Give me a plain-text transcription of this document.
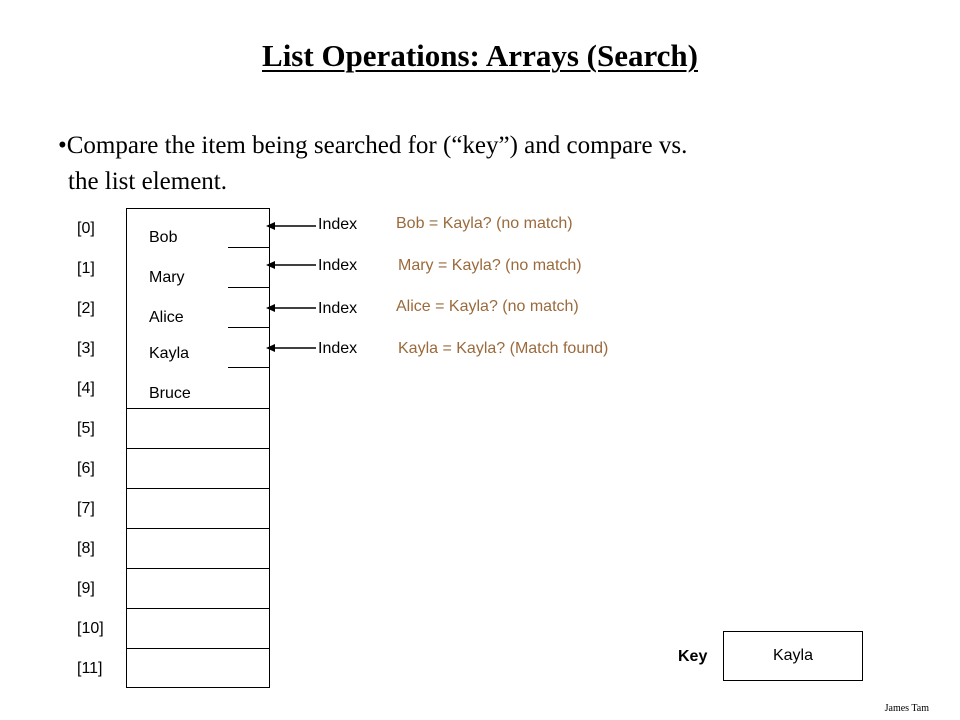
List Operations: Arrays (Search)
•Compare the item being searched for (“key”) and compare vs.
the list element.
[0]
[1]
[2]
[3]
[4]
[5]
[6]
[7]
[8]
[9]
[10]
[11]
Bob
Mary
Alice
Kayla
Bruce
Index
Index
Index
Index
Bob = Kayla? (no match)
Mary = Kayla? (no match)
Alice = Kayla? (no match)
Kayla = Kayla? (Match found)
Key	Kayla
James Tam
